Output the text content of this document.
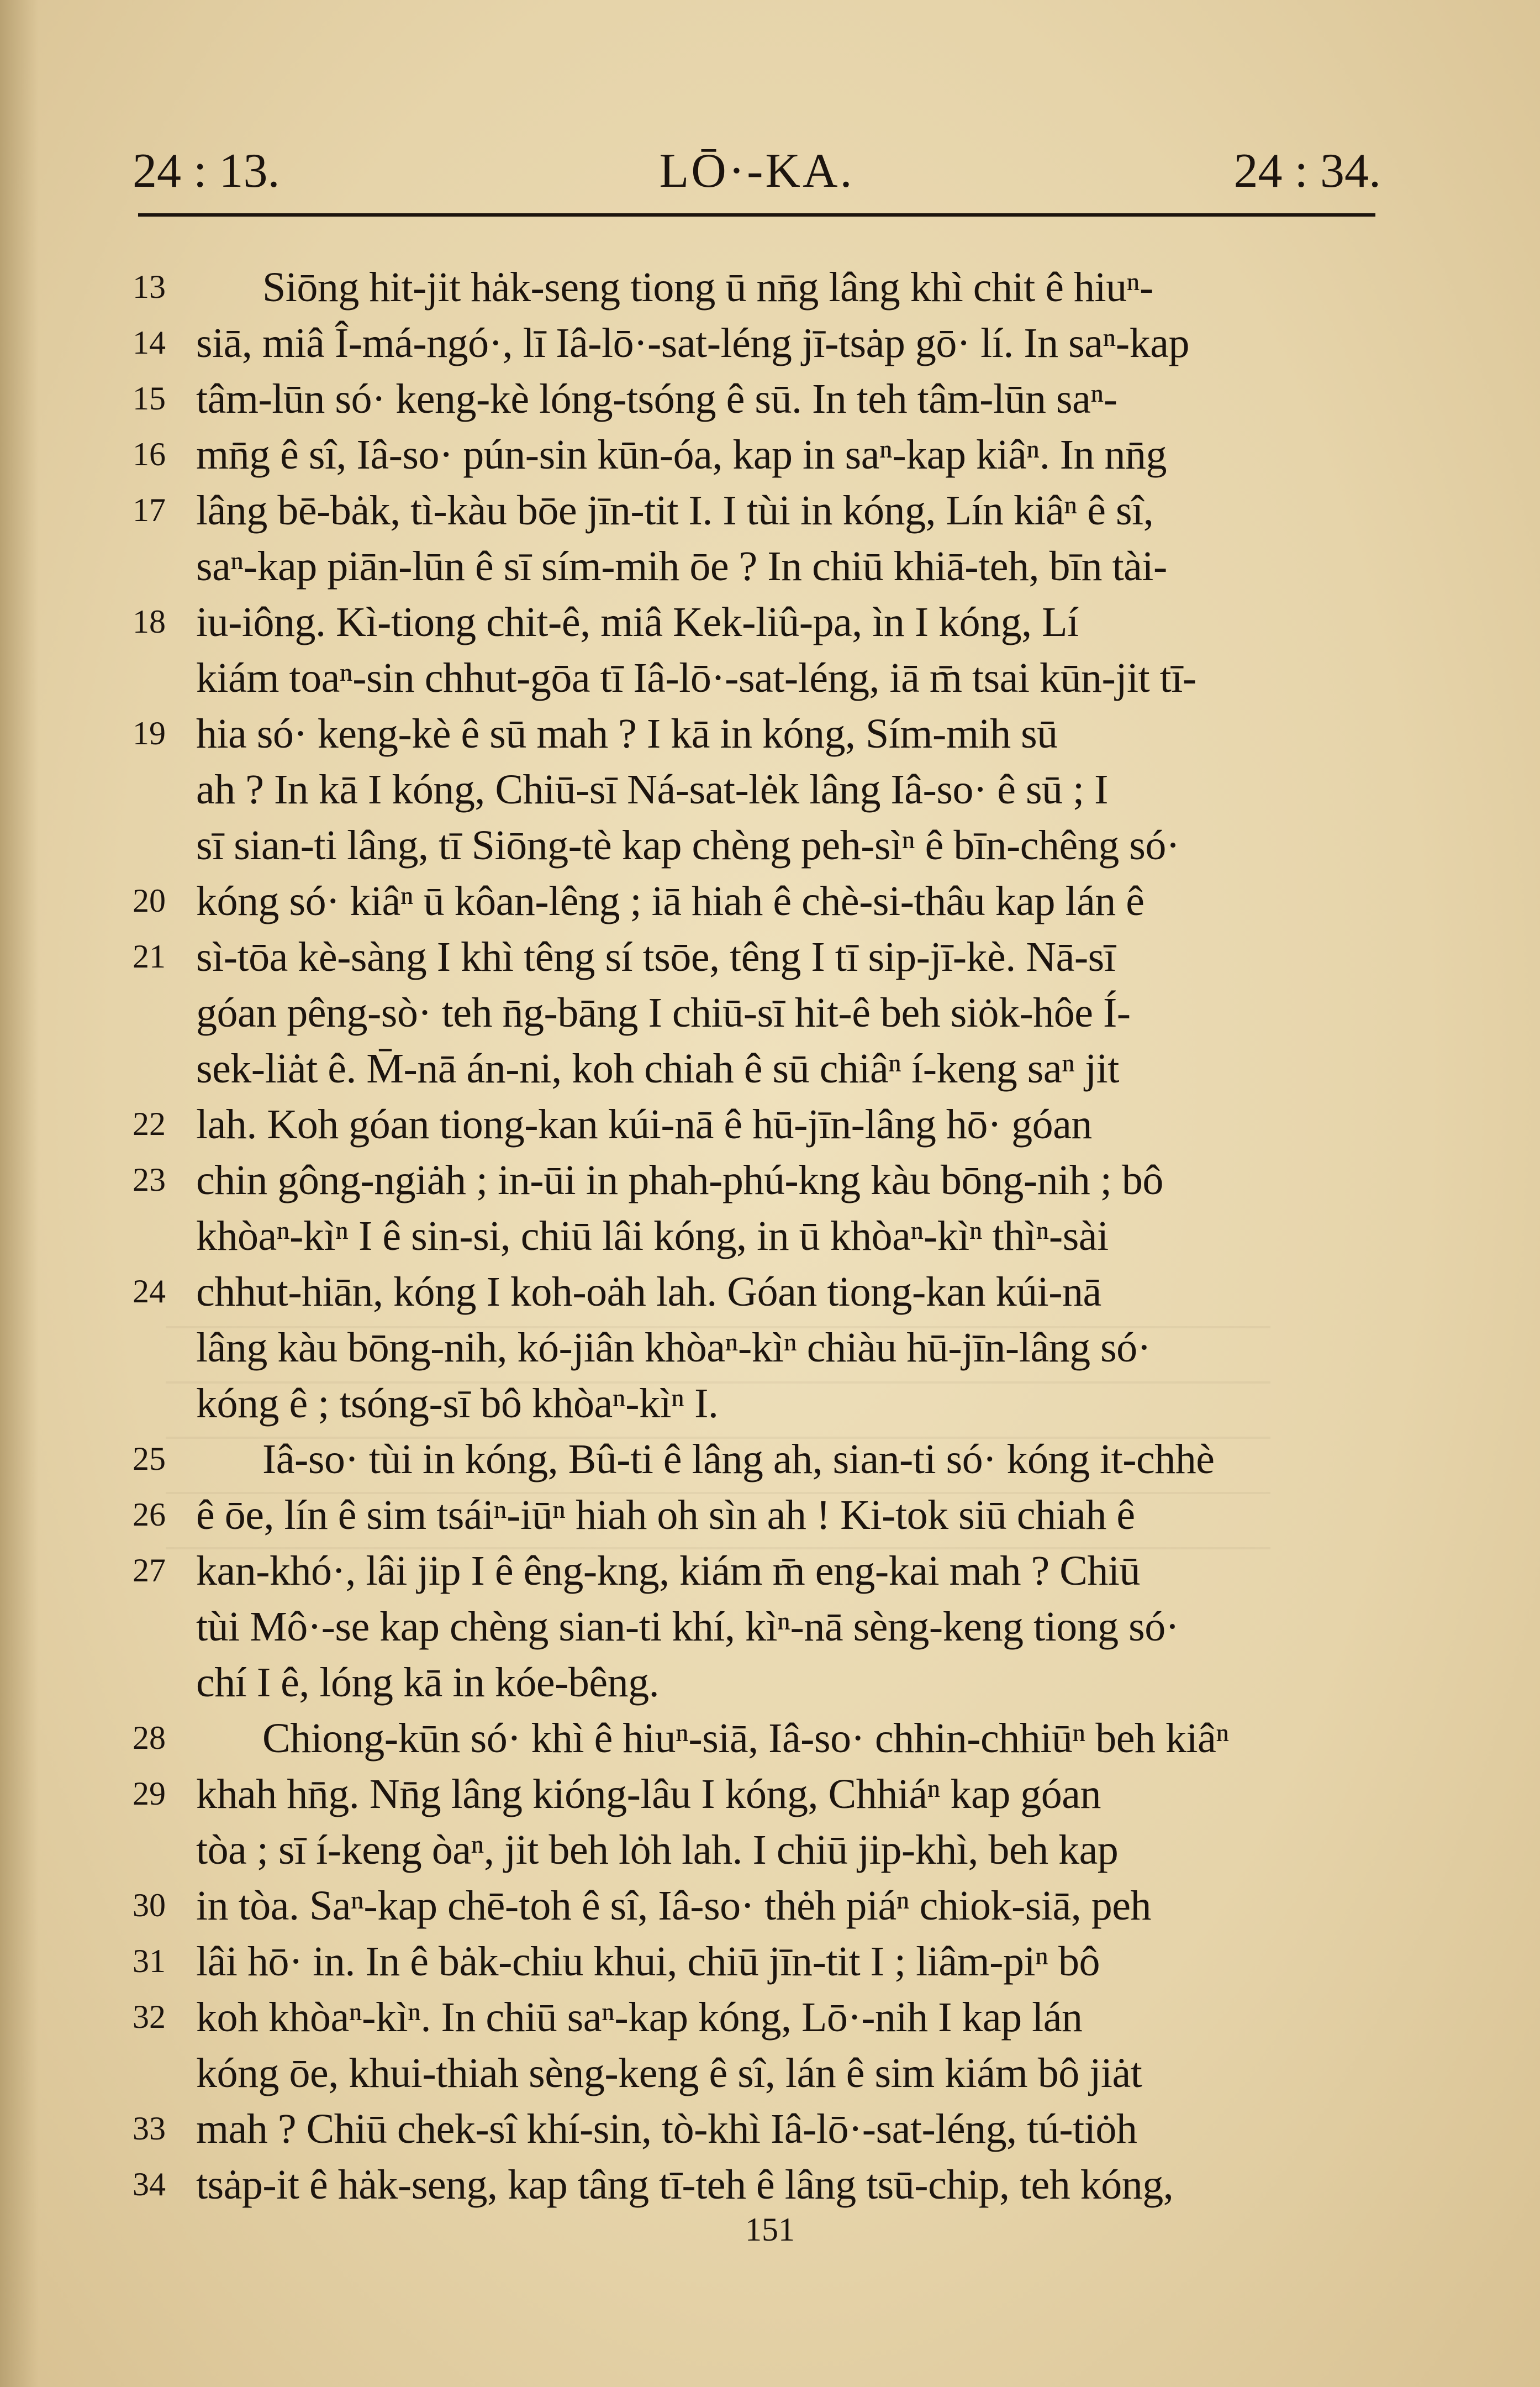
24 : 13.	LŌ·-KA.	24 : 34.
13	Siōng hit-jit hȧk-seng tiong ū nn̄g lâng khì chit ê hiuⁿ-
14 siā, miâ Î-má-ngó·, lī Iâ-lō·-sat-léng jī-tsȧp gō· lí. In saⁿ-kap
15 tâm-lūn só· keng-kè lóng-tsóng ê sū. In teh tâm-lūn saⁿ-
16 mn̄g ê sî, Iâ-so· pún-sin kūn-óa, kap in saⁿ-kap kiâⁿ. In nn̄g
17 lâng bē-bȧk, tì-kàu bōe jīn-tit I. I tùi in kóng, Lín kiâⁿ ê sî,
saⁿ-kap piān-lūn ê sī sím-mih ōe ? In chiū khiā-teh, bīn tài-
18 iu-iông. Kì-tiong chit-ê, miâ Kek-liû-pa, ìn I kóng, Lí
kiám toaⁿ-sin chhut-gōa tī Iâ-lō·-sat-léng, iā m̄ tsai kūn-jit tī-
19 hia só· keng-kè ê sū mah ? I kā in kóng, Sím-mih sū
ah ? In kā I kóng, Chiū-sī Ná-sat-lėk lâng Iâ-so· ê sū ; I
sī sian-ti lâng, tī Siōng-tè kap chèng peh-sìⁿ ê bīn-chêng só·
20 kóng só· kiâⁿ ū kôan-lêng ; iā hiah ê chè-si-thâu kap lán ê
21 sì-tōa kè-sàng I khì têng sí tsōe, têng I tī sip-jī-kè. Nā-sī
góan pêng-sò· teh n̄g-bāng I chiū-sī hit-ê beh siȯk-hôe Í-
sek-liȧt ê. M̄-nā án-ni, koh chiah ê sū chiâⁿ í-keng saⁿ jit
22 lah. Koh góan tiong-kan kúi-nā ê hū-jīn-lâng hō· góan
23 chin gông-ngiȧh ; in-ūi in phah-phú-kng kàu bōng-nih ; bô
khòaⁿ-kìⁿ I ê sin-si, chiū lâi kóng, in ū khòaⁿ-kìⁿ thìⁿ-sài
24 chhut-hiān, kóng I koh-oȧh lah. Góan tiong-kan kúi-nā
lâng kàu bōng-nih, kó-jiân khòaⁿ-kìⁿ chiàu hū-jīn-lâng só·
kóng ê ; tsóng-sī bô khòaⁿ-kìⁿ I.
25	Iâ-so· tùi in kóng, Bû-ti ê lâng ah, sian-ti só· kóng it-chhè
26 ê ōe, lín ê sim tsáiⁿ-iūⁿ hiah oh sìn ah ! Ki-tok siū chiah ê
27 kan-khó·, lâi jip I ê êng-kng, kiám m̄ eng-kai mah ? Chiū
tùi Mô·-se kap chèng sian-ti khí, kìⁿ-nā sèng-keng tiong só·
chí I ê, lóng kā in kóe-bêng.
28	Chiong-kūn só· khì ê hiuⁿ-siā, Iâ-so· chhin-chhiūⁿ beh kiâⁿ
29 khah hn̄g. Nn̄g lâng kióng-lâu I kóng, Chhiáⁿ kap góan
tòa ; sī í-keng òaⁿ, jit beh lȯh lah. I chiū jip-khì, beh kap
30 in tòa. Saⁿ-kap chē-toh ê sî, Iâ-so· thėh piáⁿ chiok-siā, peh
31 lâi hō· in. In ê bȧk-chiu khui, chiū jīn-tit I ; liâm-piⁿ bô
32 koh khòaⁿ-kìⁿ. In chiū saⁿ-kap kóng, Lō·-nih I kap lán
kóng ōe, khui-thiah sèng-keng ê sî, lán ê sim kiám bô jiȧt
33 mah ? Chiū chek-sî khí-sin, tò-khì Iâ-lō·-sat-léng, tú-tiȯh
34 tsȧp-it ê hȧk-seng, kap tâng tī-teh ê lâng tsū-chip, teh kóng,
151
